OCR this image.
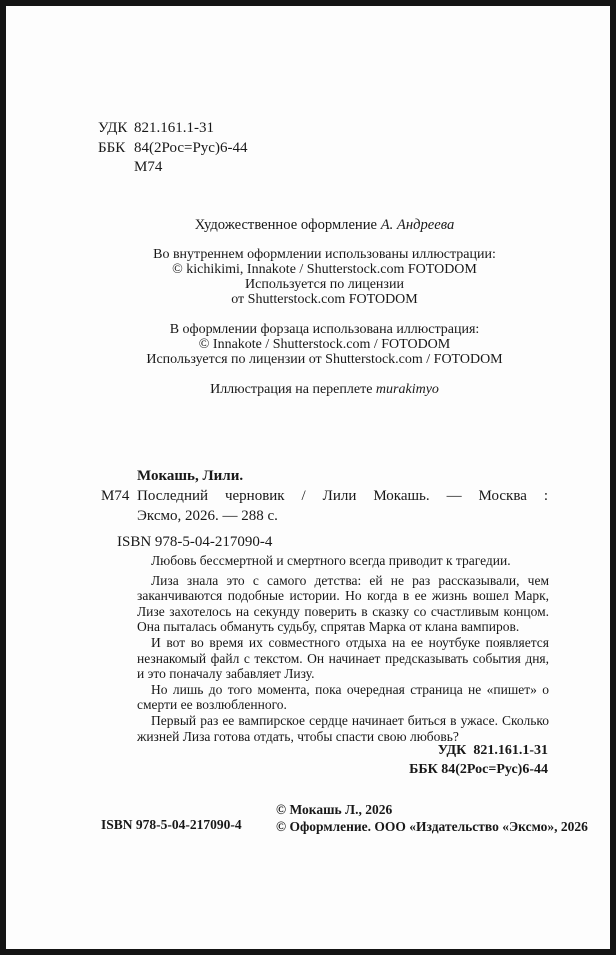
УДК 821.161.1-31
ББК 84(2Рос=Рус)6-44
М74
Художественное оформление А. Андреева
Во внутреннем оформлении использованы иллюстрации:
© kichikimi, Innakote / Shutterstock.com FOTODOM
Используется по лицензии
от Shutterstock.com FOTODOM
В оформлении форзаца использована иллюстрация:
© Innakote / Shutterstock.com / FOTODOM
Используется по лицензии от Shutterstock.com / FOTODOM
Иллюстрация на переплете murakimyo
Мокашь, Лили.
М74 Последний черновик / Лили Мокашь. — Москва :
Эксмо, 2026. — 288 с.
ISBN 978-5-04-217090-4

Любовь бессмертной и смертного всегда приводит к трагедии.

Лиза знала это с самого детства: ей не раз рассказывали, чем заканчиваются подобные истории. Но когда в ее жизнь вошел Марк, Лизе захотелось на секунду поверить в сказку со счастливым концом. Она пыталась обмануть судьбу, спрятав Марка от клана вампиров.

И вот во время их совместного отдыха на ее ноутбуке появляется незнакомый файл с текстом. Он начинает предсказывать события дня, и это поначалу забавляет Лизу.

Но лишь до того момента, пока очередная страница не «пишет» о смерти ее возлюбленного.

Первый раз ее вампирское сердце начинает биться в ужасе. Сколько жизней Лиза готова отдать, чтобы спасти свою любовь?

УДК  821.161.1-31
ББК 84(2Рос=Рус)6-44
ISBN 978-5-04-217090-4
© Мокашь Л., 2026
© Оформление. ООО «Издательство «Эксмо», 2026
